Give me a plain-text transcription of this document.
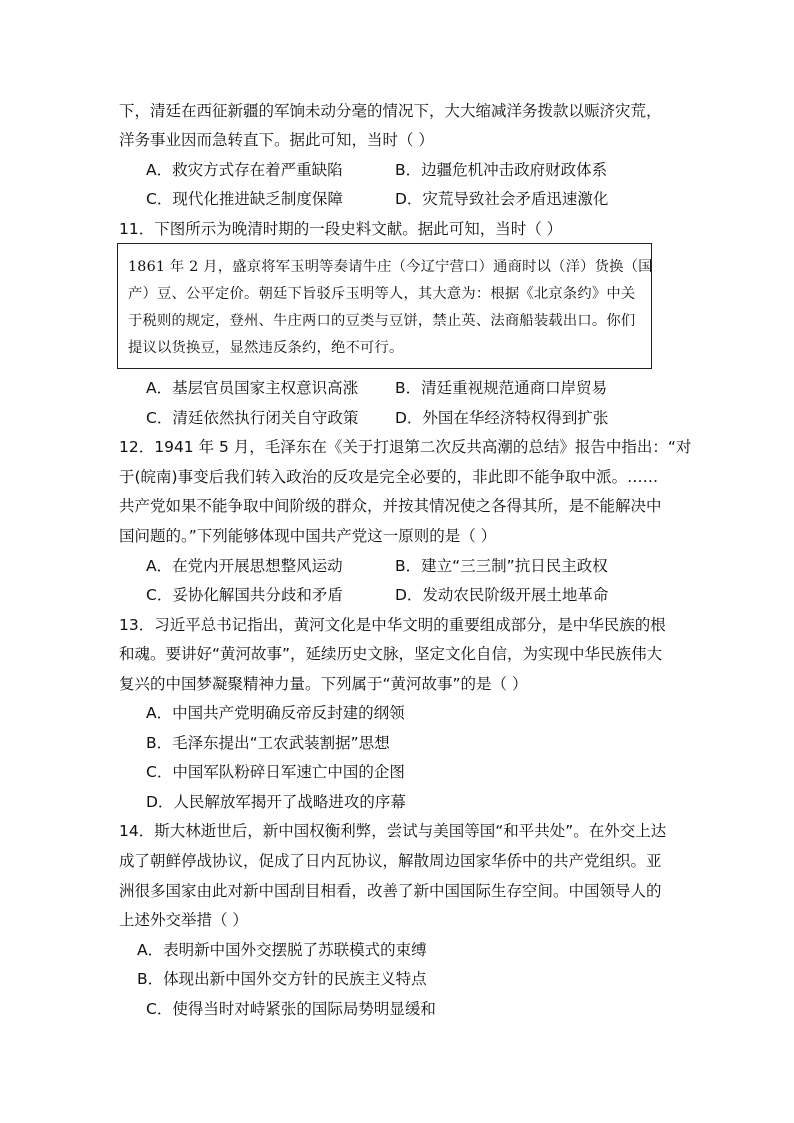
下，清廷在西征新疆的军饷未动分毫的情况下，大大缩减洋务拨款以赈济灾荒，
洋务事业因而急转直下。据此可知，当时（ ）
A．救灾方式存在着严重缺陷	B．边疆危机冲击政府财政体系
C．现代化推进缺乏制度保障	D．灾荒导致社会矛盾迅速激化
11．下图所示为晚清时期的一段史料文献。据此可知，当时（ ）
1861 年 2 月，盛京将军玉明等奏请牛庄（今辽宁营口）通商时以（洋）货换（国
产）豆、公平定价。朝廷下旨驳斥玉明等人，其大意为：根据《北京条约》中关
于税则的规定，登州、牛庄两口的豆类与豆饼，禁止英、法商船装载出口。你们
提议以货换豆，显然违反条约，绝不可行。
A．基层官员国家主权意识高涨 B．清廷重视规范通商口岸贸易
C．清廷依然执行闭关自守政策 D．外国在华经济特权得到扩张
12．1941 年 5 月，毛泽东在《关于打退第二次反共高潮的总结》报告中指出：“对
于(皖南)事变后我们转入政治的反攻是完全必要的，非此即不能争取中派。……
共产党如果不能争取中间阶级的群众，并按其情况使之各得其所，是不能解决中
国问题的。”下列能够体现中国共产党这一原则的是（ ）
A．在党内开展思想整风运动	B．建立“三三制”抗日民主政权
C．妥协化解国共分歧和矛盾	D．发动农民阶级开展土地革命
13．习近平总书记指出，黄河文化是中华文明的重要组成部分，是中华民族的根
和魂。要讲好“黄河故事”，延续历史文脉，坚定文化自信，为实现中华民族伟大
复兴的中国梦凝聚精神力量。下列属于“黄河故事”的是（ ）
A．中国共产党明确反帝反封建的纲领
B．毛泽东提出“工农武装割据”思想
C．中国军队粉碎日军速亡中国的企图
D．人民解放军揭开了战略进攻的序幕
14．斯大林逝世后，新中国权衡利弊，尝试与美国等国“和平共处”。在外交上达
成了朝鲜停战协议，促成了日内瓦协议，解散周边国家华侨中的共产党组织。亚
洲很多国家由此对新中国刮目相看，改善了新中国国际生存空间。中国领导人的
上述外交举措（ ）
A．表明新中国外交摆脱了苏联模式的束缚
B．体现出新中国外交方针的民族主义特点
C．使得当时对峙紧张的国际局势明显缓和
